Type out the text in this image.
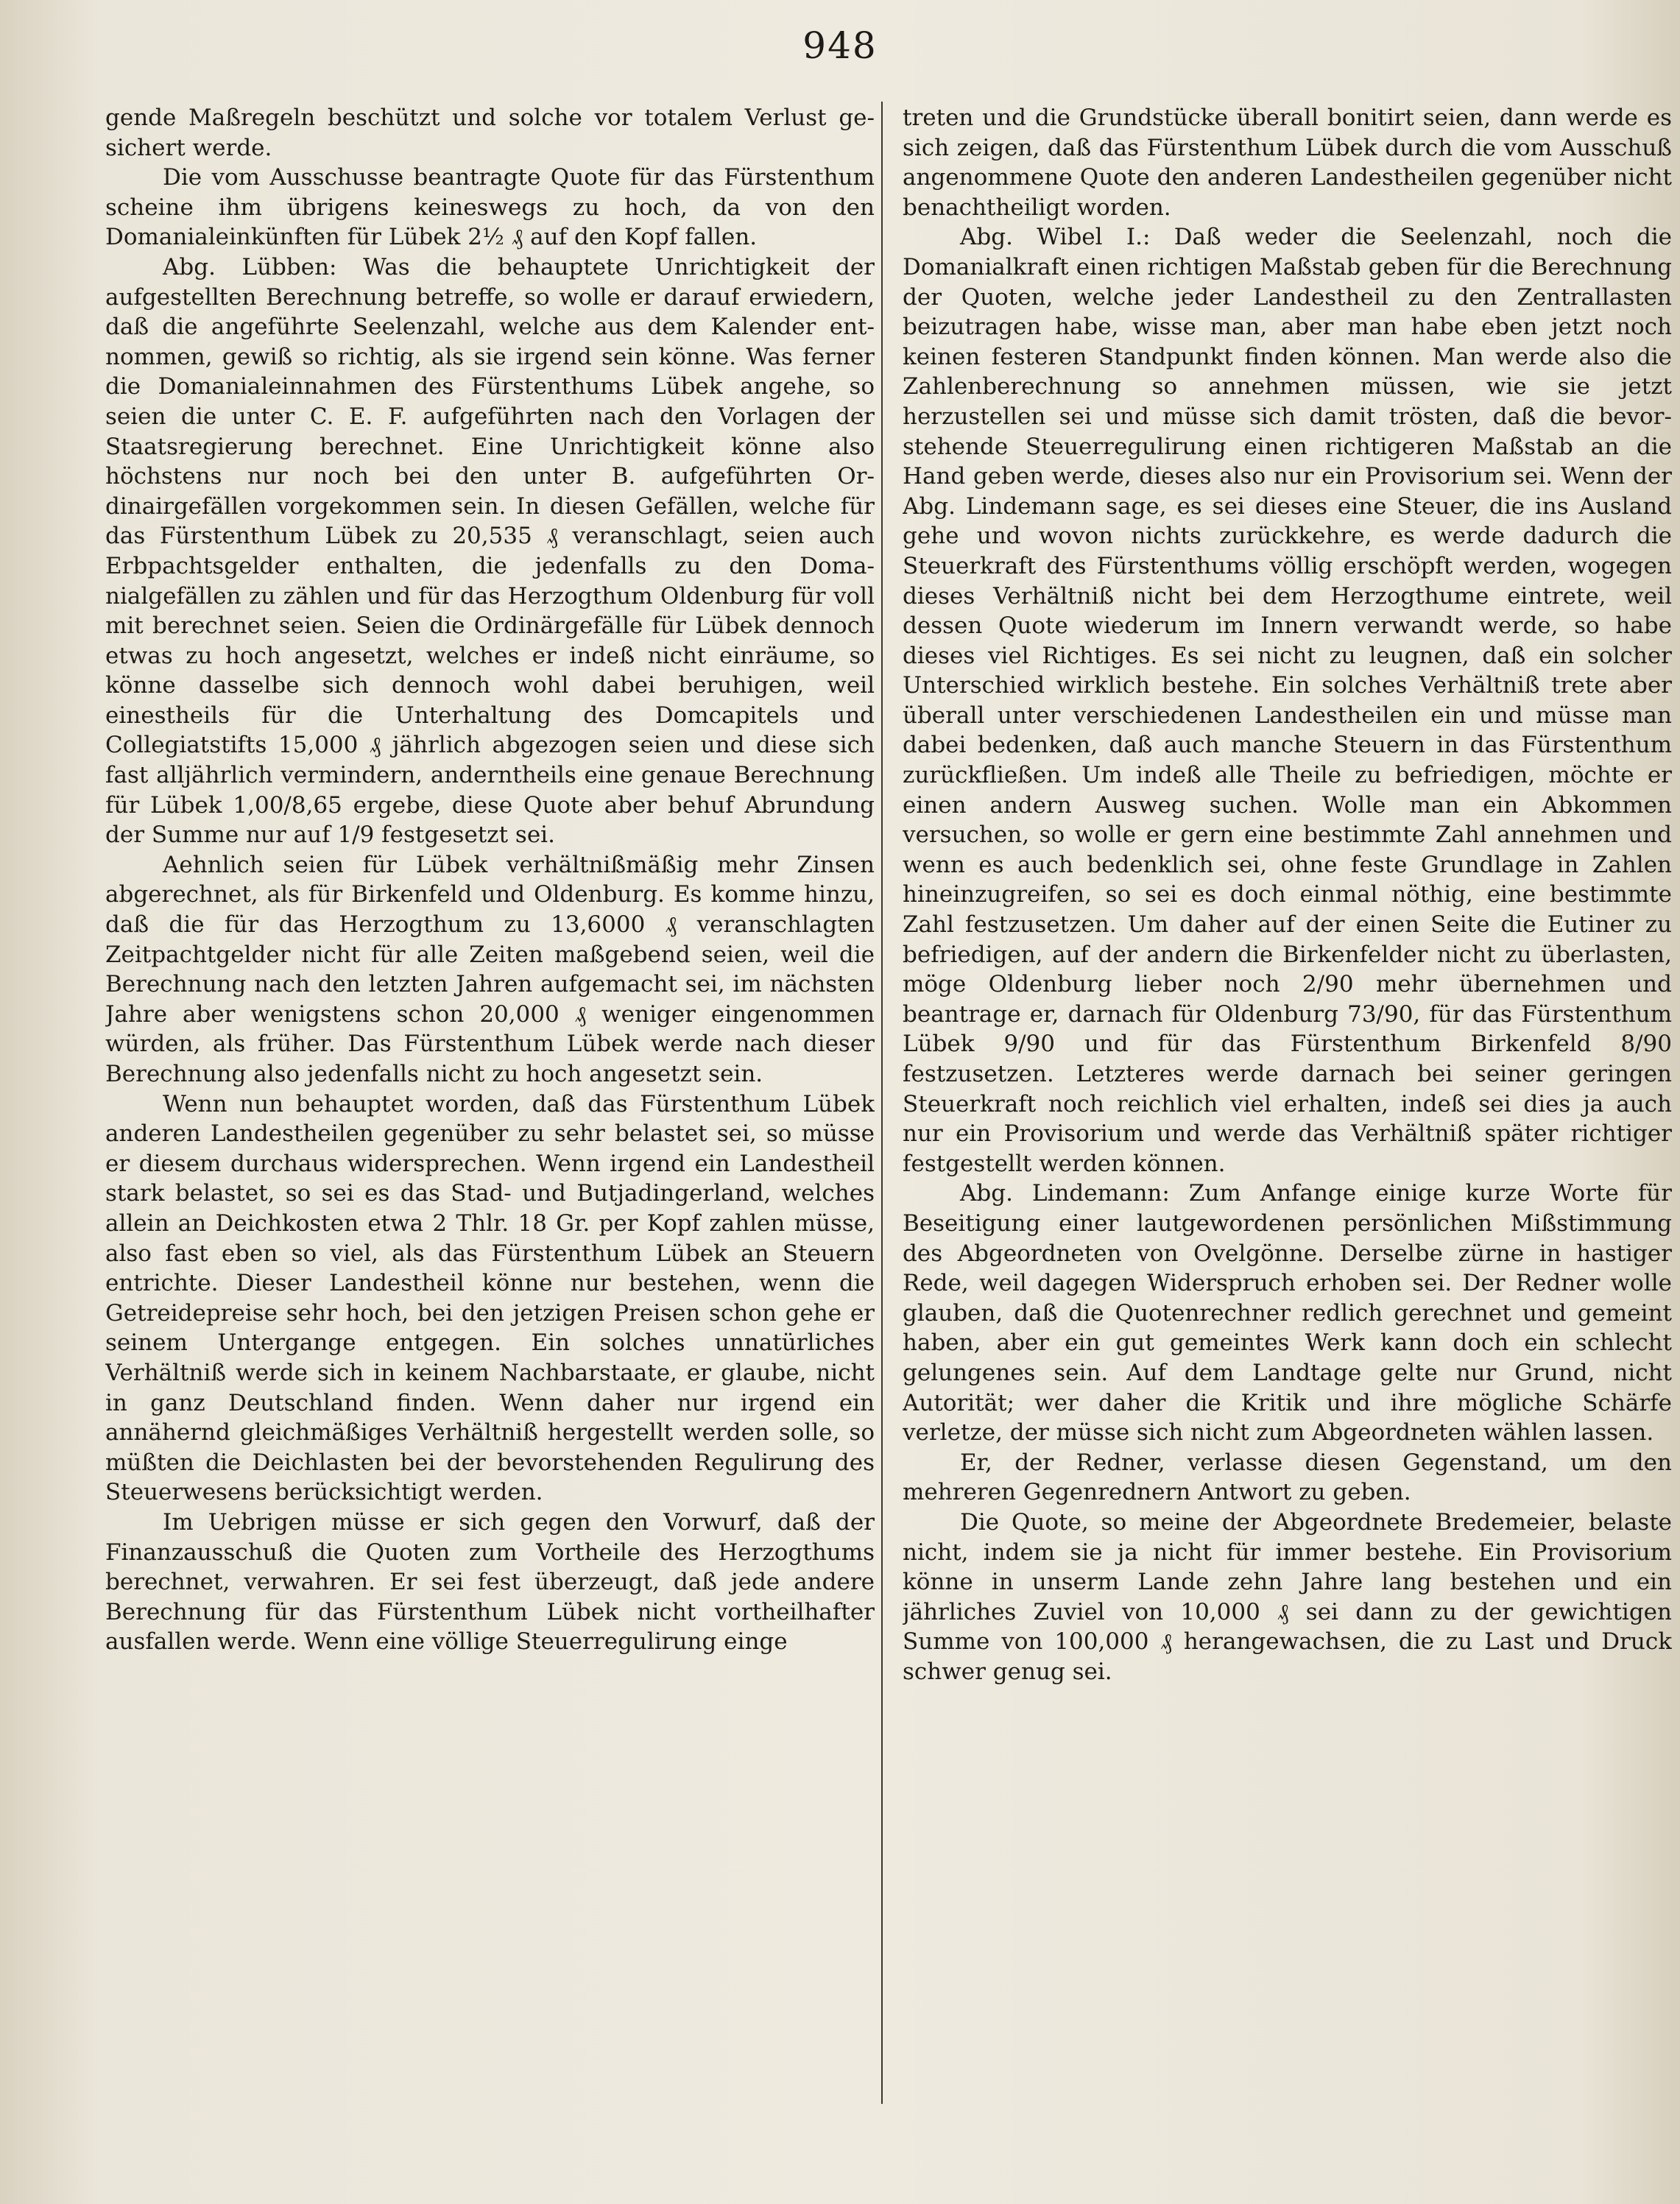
948

gende Maßregeln beschützt und solche vor totalem Verlust gesichert werde.

Die vom Ausschusse beantragte Quote für das Fürstenthum scheine ihm übrigens keineswegs zu hoch, da von den Domanialeinkünften für Lübek 2½ ₰ auf den Kopf fallen.

Abg. Lübben: Was die behauptete Unrichtigkeit der aufgestellten Berechnung betreffe, so wolle er darauf erwiedern, daß die angeführte Seelenzahl, welche aus dem Kalender entnommen, gewiß so richtig, als sie irgend sein könne. Was ferner die Domanialeinnahmen des Fürstenthums Lübek angehe, so seien die unter C. E. F. aufgeführten nach den Vorlagen der Staatsregierung berechnet. Eine Unrichtigkeit könne also höchstens nur noch bei den unter B. aufgeführten Ordinairgefällen vorgekommen sein. In diesen Gefällen, welche für das Fürstenthum Lübek zu 20,535 ₰ veranschlagt, seien auch Erbpachtsgelder enthalten, die jedenfalls zu den Domanialgefällen zu zählen und für das Herzogthum Oldenburg für voll mit berechnet seien. Seien die Ordinärgefälle für Lübek dennoch etwas zu hoch angesetzt, welches er indeß nicht einräume, so könne dasselbe sich dennoch wohl dabei beruhigen, weil einestheils für die Unterhaltung des Domcapitels und Collegiatstifts 15,000 ₰ jährlich abgezogen seien und diese sich fast alljährlich vermindern, anderntheils eine genaue Berechnung für Lübek 1,00/8,65 ergebe, diese Quote aber behuf Abrundung der Summe nur auf 1/9 festgesetzt sei.

Aehnlich seien für Lübek verhältnißmäßig mehr Zinsen abgerechnet, als für Birkenfeld und Oldenburg. Es komme hinzu, daß die für das Herzogthum zu 13,6000 ₰ veranschlagten Zeitpachtgelder nicht für alle Zeiten maßgebend seien, weil die Berechnung nach den letzten Jahren aufgemacht sei, im nächsten Jahre aber wenigstens schon 20,000 ₰ weniger eingenommen würden, als früher. Das Fürstenthum Lübek werde nach dieser Berechnung also jedenfalls nicht zu hoch angesetzt sein.

Wenn nun behauptet worden, daß das Fürstenthum Lübek anderen Landestheilen gegenüber zu sehr belastet sei, so müsse er diesem durchaus widersprechen. Wenn irgend ein Landestheil stark belastet, so sei es das Stad- und Butjadingerland, welches allein an Deichkosten etwa 2 Thlr. 18 Gr. per Kopf zahlen müsse, also fast eben so viel, als das Fürstenthum Lübek an Steuern entrichte. Dieser Landestheil könne nur bestehen, wenn die Getreidepreise sehr hoch, bei den jetzigen Preisen schon gehe er seinem Untergange entgegen. Ein solches unnatürliches Verhältniß werde sich in keinem Nachbarstaate, er glaube, nicht in ganz Deutschland finden. Wenn daher nur irgend ein annähernd gleichmäßiges Verhältniß hergestellt werden solle, so müßten die Deichlasten bei der bevorstehenden Regulirung des Steuerwesens berücksichtigt werden.

Im Uebrigen müsse er sich gegen den Vorwurf, daß der Finanzausschuß die Quoten zum Vortheile des Herzogthums berechnet, verwahren. Er sei fest überzeugt, daß jede andere Berechnung für das Fürstenthum Lübek nicht vortheilhafter ausfallen werde. Wenn eine völlige Steuerregulirung einge

treten und die Grundstücke überall bonitirt seien, dann werde es sich zeigen, daß das Fürstenthum Lübek durch die vom Ausschuß angenommene Quote den anderen Landestheilen gegenüber nicht benachtheiligt worden.

Abg. Wibel I.: Daß weder die Seelenzahl, noch die Domanialkraft einen richtigen Maßstab geben für die Berechnung der Quoten, welche jeder Landestheil zu den Zentrallasten beizutragen habe, wisse man, aber man habe eben jetzt noch keinen festeren Standpunkt finden können. Man werde also die Zahlenberechnung so annehmen müssen, wie sie jetzt herzustellen sei und müsse sich damit trösten, daß die bevorstehende Steuerregulirung einen richtigeren Maßstab an die Hand geben werde, dieses also nur ein Provisorium sei. Wenn der Abg. Lindemann sage, es sei dieses eine Steuer, die ins Ausland gehe und wovon nichts zurückkehre, es werde dadurch die Steuerkraft des Fürstenthums völlig erschöpft werden, wogegen dieses Verhältniß nicht bei dem Herzogthume eintrete, weil dessen Quote wiederum im Innern verwandt werde, so habe dieses viel Richtiges. Es sei nicht zu leugnen, daß ein solcher Unterschied wirklich bestehe. Ein solches Verhältniß trete aber überall unter verschiedenen Landestheilen ein und müsse man dabei bedenken, daß auch manche Steuern in das Fürstenthum zurückfließen. Um indeß alle Theile zu befriedigen, möchte er einen andern Ausweg suchen. Wolle man ein Abkommen versuchen, so wolle er gern eine bestimmte Zahl annehmen und wenn es auch bedenklich sei, ohne feste Grundlage in Zahlen hineinzugreifen, so sei es doch einmal nöthig, eine bestimmte Zahl festzusetzen. Um daher auf der einen Seite die Eutiner zu befriedigen, auf der andern die Birkenfelder nicht zu überlasten, möge Oldenburg lieber noch 2/90 mehr übernehmen und beantrage er, darnach für Oldenburg 73/90, für das Fürstenthum Lübek 9/90 und für das Fürstenthum Birkenfeld 8/90 festzusetzen. Letzteres werde darnach bei seiner geringen Steuerkraft noch reichlich viel erhalten, indeß sei dies ja auch nur ein Provisorium und werde das Verhältniß später richtiger festgestellt werden können.

Abg. Lindemann: Zum Anfange einige kurze Worte für Beseitigung einer lautgewordenen persönlichen Mißstimmung des Abgeordneten von Ovelgönne. Derselbe zürne in hastiger Rede, weil dagegen Widerspruch erhoben sei. Der Redner wolle glauben, daß die Quotenrechner redlich gerechnet und gemeint haben, aber ein gut gemeintes Werk kann doch ein schlecht gelungenes sein. Auf dem Landtage gelte nur Grund, nicht Autorität; wer daher die Kritik und ihre mögliche Schärfe verletze, der müsse sich nicht zum Abgeordneten wählen lassen.

Er, der Redner, verlasse diesen Gegenstand, um den mehreren Gegenrednern Antwort zu geben.

Die Quote, so meine der Abgeordnete Bredemeier, belaste nicht, indem sie ja nicht für immer bestehe. Ein Provisorium könne in unserm Lande zehn Jahre lang bestehen und ein jährliches Zuviel von 10,000 ₰ sei dann zu der gewichtigen Summe von 100,000 ₰ herangewachsen, die zu Last und Druck schwer genug sei.
